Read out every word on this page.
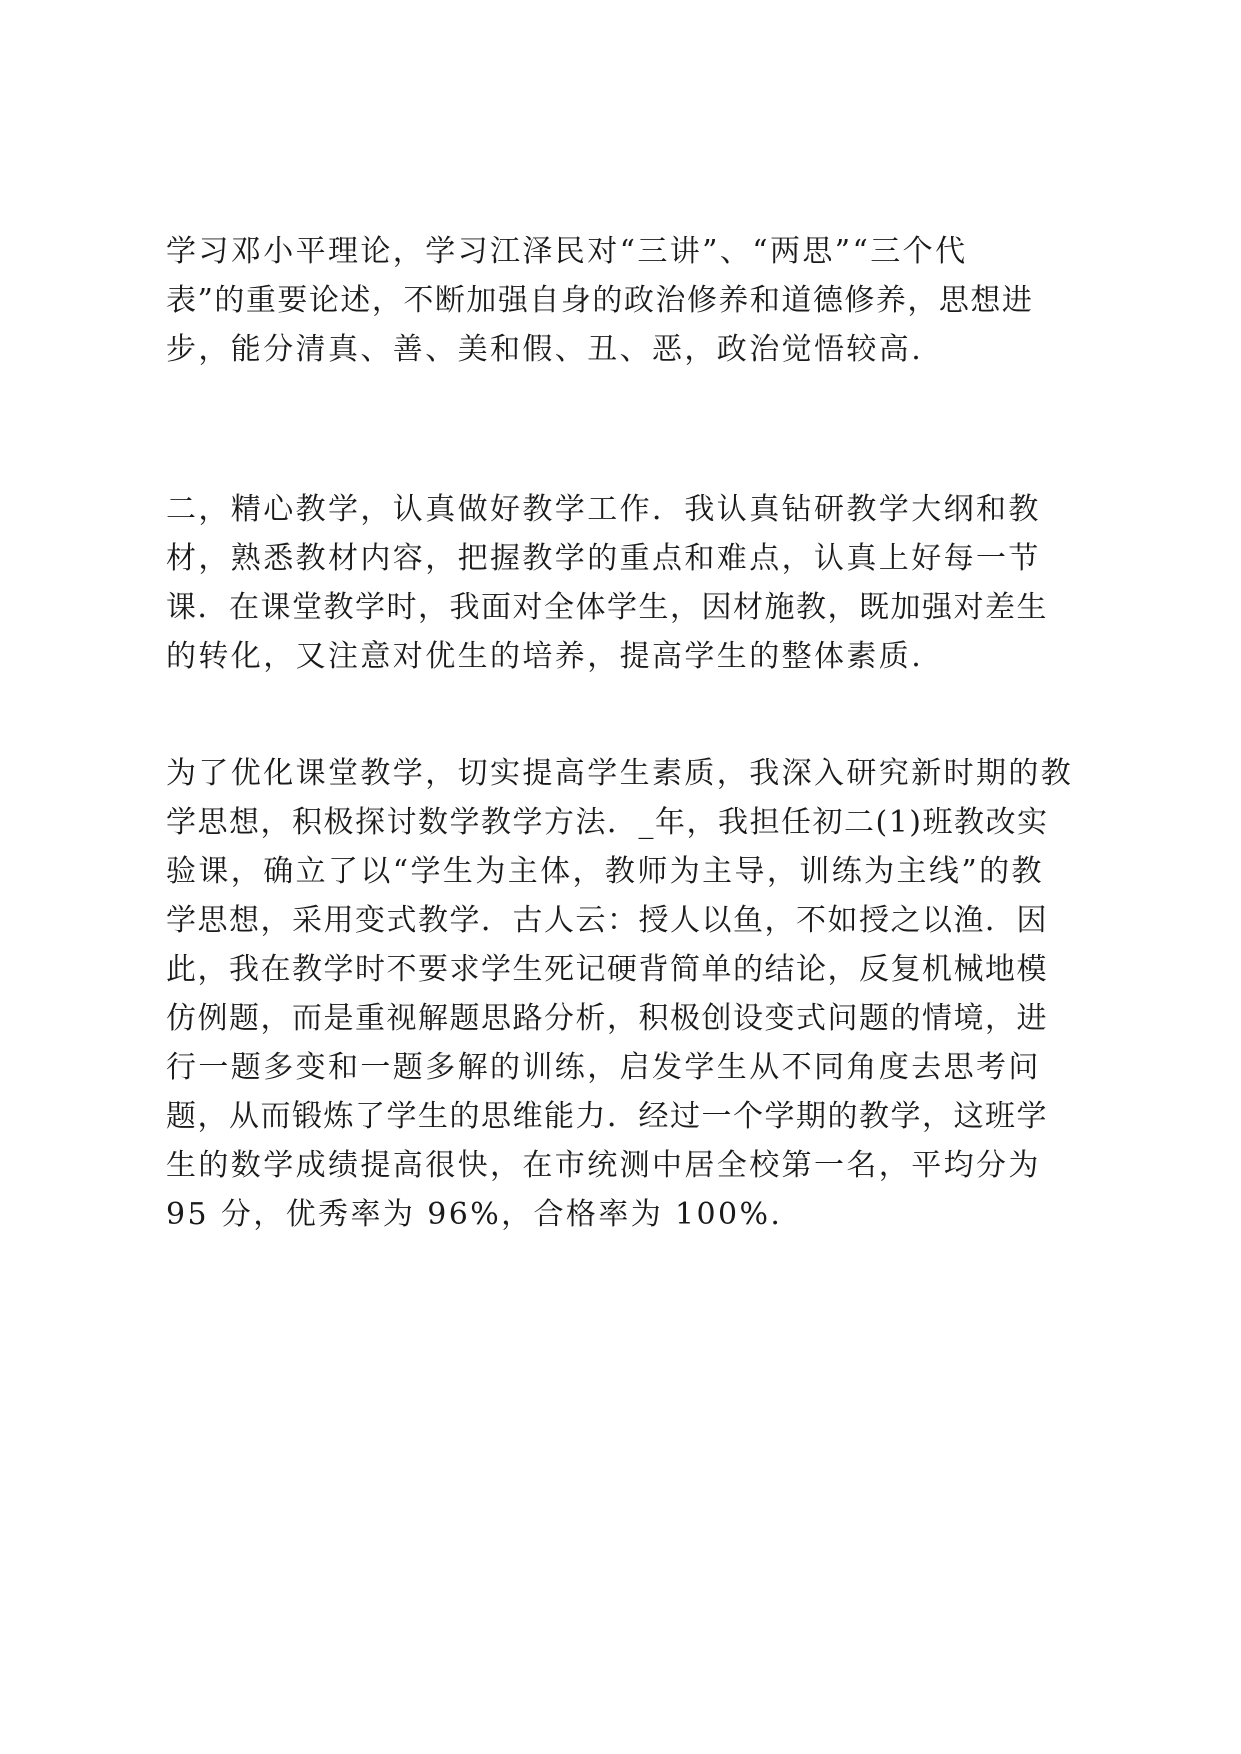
学习邓小平理论，学习江泽民对“三讲”、“两思”“三个代
表”的重要论述，不断加强自身的政治修养和道德修养，思想进
步，能分清真、善、美和假、丑、恶，政治觉悟较高.
二，精心教学，认真做好教学工作．我认真钻研教学大纲和教
材，熟悉教材内容，把握教学的重点和难点，认真上好每一节
课．在课堂教学时，我面对全体学生，因材施教，既加强对差生
的转化，又注意对优生的培养，提高学生的整体素质.
为了优化课堂教学，切实提高学生素质，我深入研究新时期的教
学思想，积极探讨数学教学方法．_年，我担任初二(1)班教改实
验课，确立了以“学生为主体，教师为主导，训练为主线”的教
学思想，采用变式教学．古人云：授人以鱼，不如授之以渔．因
此，我在教学时不要求学生死记硬背简单的结论，反复机械地模
仿例题，而是重视解题思路分析，积极创设变式问题的情境，进
行一题多变和一题多解的训练，启发学生从不同角度去思考问
题，从而锻炼了学生的思维能力．经过一个学期的教学，这班学
生的数学成绩提高很快，在市统测中居全校第一名，平均分为
95 分，优秀率为 96%，合格率为 100%.
